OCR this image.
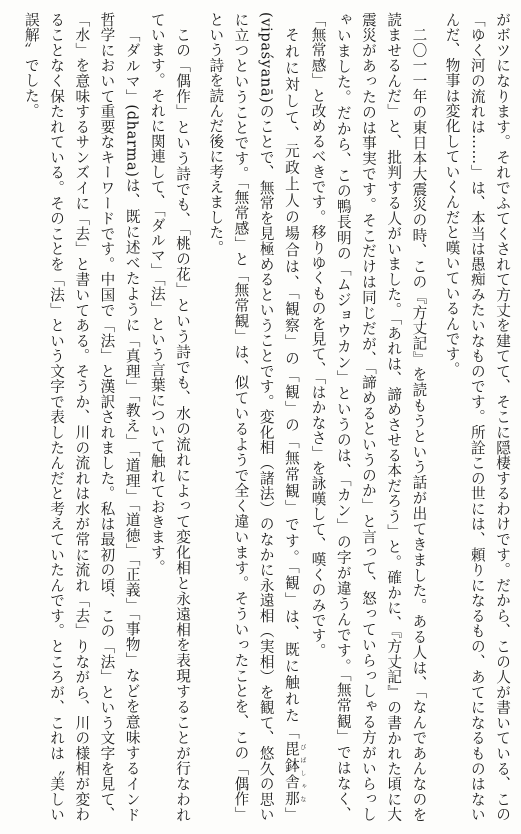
がボツになります。それでふてくされて方丈を建てて、そこに隠棲するわけです。だから、この人が書いている、この「ゆく河の流れは……」は、本当は愚痴みたいなものです。所詮この世には、頼りになるもの、あてになるものはないんだ、物事は変化していくんだと嘆いているんです。

二〇一一年の東日本大震災の時、この『方丈記』を読もうという話が出てきました。ある人は、「なんであんなのを読ませるんだ」と、批判する人がいました。「あれは、諦めさせる本だろう」と。確かに、『方丈記』の書かれた頃に大震災があったのは事実です。そこだけは同じだが、「諦めるというのか」と言って、怒っていらっしゃる方がいらっしゃいました。だから、この鴨長明の「ムジョウカン」というのは、「カン」の字が違うんです。「無常観」ではなく、「無常感」と改めるべきです。移りゆくものを見て、「はかなさ」を詠嘆して、嘆くのみです。

それに対して、元政上人の場合は、「観察」の「観」の「無常観」です。「観」は、既に触れた「毘鉢舎那 びばしゃな」(vipaśyanā)のことで、無常を見極めるということです。変化相（諸法）のなかに永遠相（実相）を観て、悠久の思いに立つということです。「無常感」と「無常観」は、似ているようで全く違います。そういったことを、この「偶作」という詩を読んだ後に考えました。

この「偶作」という詩でも、「桃の花」という詩でも、水の流れによって変化相と永遠相を表現することが行なわれています。それに関連して、「ダルマ」「法」という言葉について触れておきます。

「ダルマ」(dharma)は、既に述べたように「真理」「教え」「道理」「道徳」「正義」「事物」などを意味するインド哲学において重要なキーワードです。中国で「法」と漢訳されました。私は最初の頃、この「法」という文字を見て、「水」を意味するサンズイに「去」と書いてある。そうか、川の流れは水が常に流れ「去」りながら、川の様相が変わることなく保たれている。そのことを「法」という文字で表したんだと考えていたんです。ところが、これは〝美しい誤解〟でした。
